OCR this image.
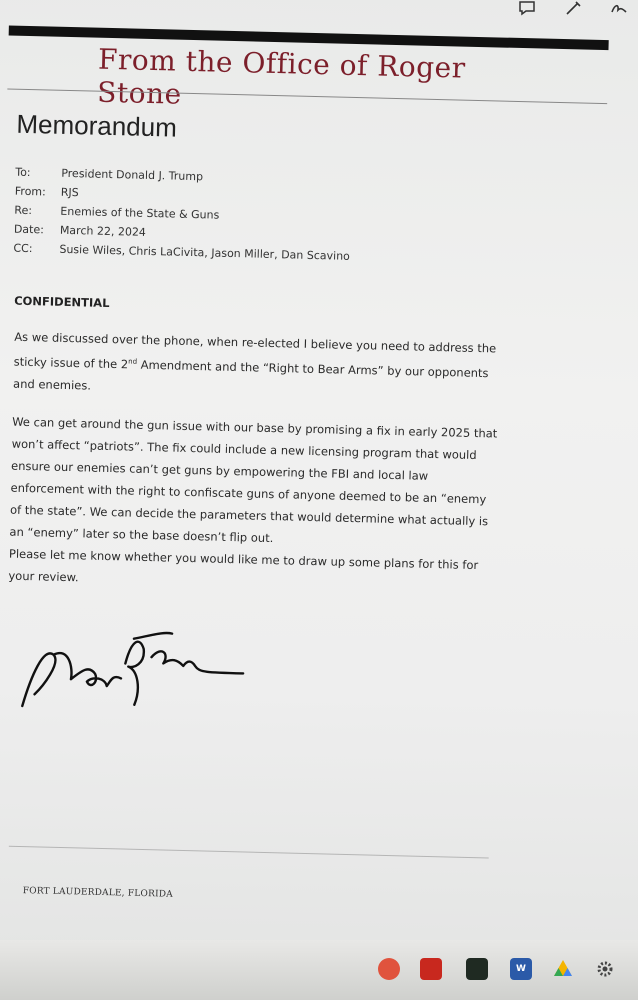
From the Office of Roger Stone
Memorandum
To:	President Donald J. Trump
From:	RJS
Re:	Enemies of the State & Guns
Date:	March 22, 2024
CC:	Susie Wiles, Chris LaCivita, Jason Miller, Dan Scavino
CONFIDENTIAL
As we discussed over the phone, when re-elected I believe you need to address the sticky issue of the 2nd Amendment and the “Right to Bear Arms” by our opponents and enemies.
We can get around the gun issue with our base by promising a fix in early 2025 that won’t affect “patriots”. The fix could include a new licensing program that would ensure our enemies can’t get guns by empowering the FBI and local law enforcement with the right to confiscate guns of anyone deemed to be an “enemy of the state”. We can decide the parameters that would determine what actually is an “enemy” later so the base doesn’t flip out.
Please let me know whether you would like me to draw up some plans for this for your review.
FORT LAUDERDALE, FLORIDA
W
